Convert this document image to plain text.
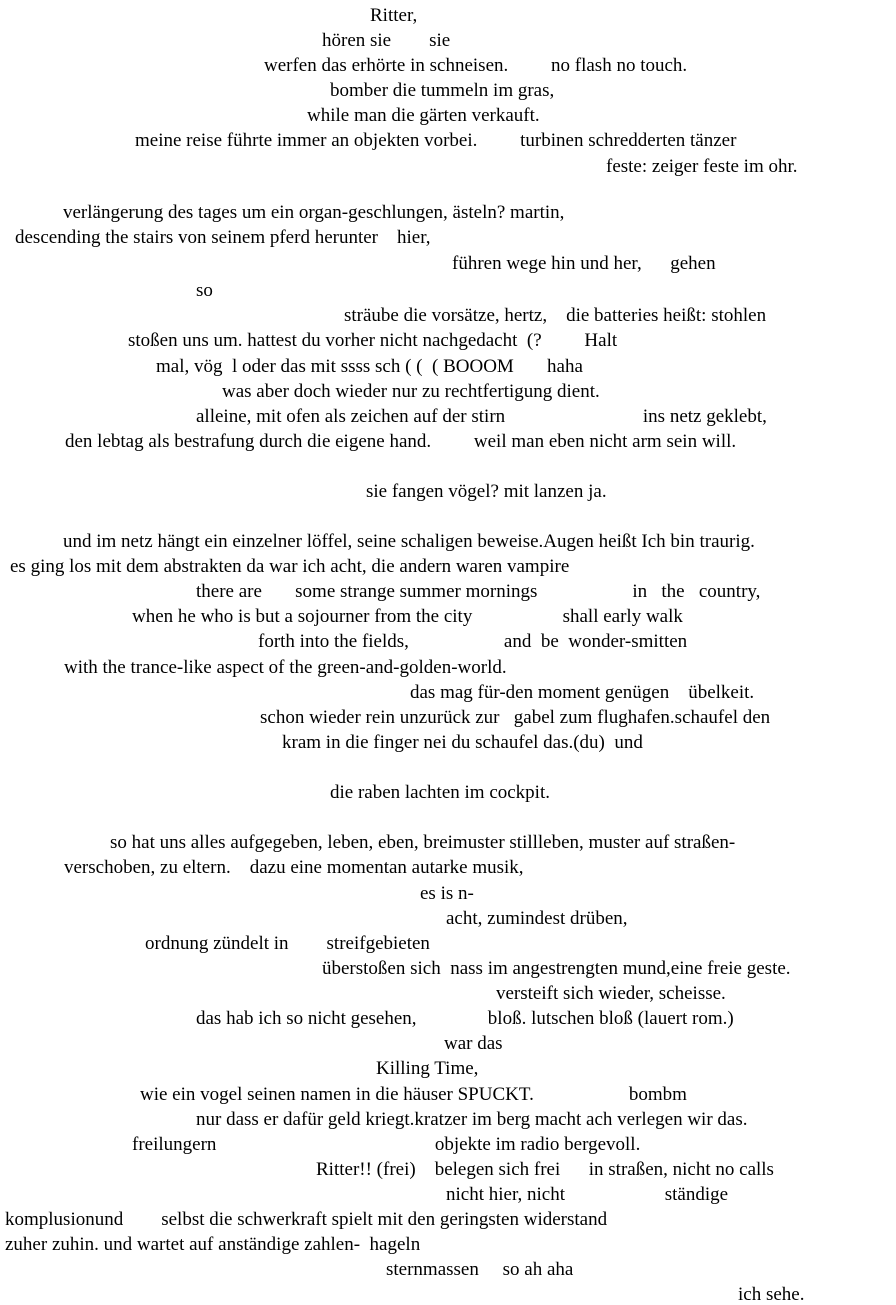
Ritter,
hören sie        sie
werfen das erhörte in schneisen.         no flash no touch.
bomber die tummeln im gras,
while man die gärten verkauft.
meine reise führte immer an objekten vorbei.         turbinen schredderten tänzer
feste: zeiger feste im ohr.
verlängerung des tages um ein organ-geschlungen, ästeln? martin,
descending the stairs von seinem pferd herunter    hier,
führen wege hin und her,      gehen
so
sträube die vorsätze, hertz,    die batteries heißt: stohlen
stoßen uns um. hattest du vorher nicht nachgedacht  (?         Halt
mal, vög  l oder das mit ssss sch ( (  ( BOOOM       haha
was aber doch wieder nur zu rechtfertigung dient.
alleine, mit ofen als zeichen auf der stirn                             ins netz geklebt,
den lebtag als bestrafung durch die eigene hand.         weil man eben nicht arm sein will.
sie fangen vögel? mit lanzen ja.
und im netz hängt ein einzelner löffel, seine schaligen beweise.Augen heißt Ich bin traurig.
es ging los mit dem abstrakten da war ich acht, die andern waren vampire
there are       some strange summer mornings                    in   the   country,
when he who is but a sojourner from the city                   shall early walk
forth into the fields,                    and  be  wonder-smitten
with the trance-like aspect of the green-and-golden-world.
das mag für-den moment genügen    übelkeit.
schon wieder rein unzurück zur   gabel zum flughafen.schaufel den
kram in die finger nei du schaufel das.(du)  und
die raben lachten im cockpit.
so hat uns alles aufgegeben, leben, eben, breimuster stillleben, muster auf straßen-
verschoben, zu eltern.    dazu eine momentan autarke musik,
es is n-
acht, zumindest drüben,
ordnung zündelt in        streifgebieten
überstoßen sich  nass im angestrengten mund,eine freie geste.
versteift sich wieder, scheisse.
das hab ich so nicht gesehen,               bloß. lutschen bloß (lauert rom.)
war das
Killing Time,
wie ein vogel seinen namen in die häuser SPUCKT.                    bombm
nur dass er dafür geld kriegt.kratzer im berg macht ach verlegen wir das.
freilungern                                              objekte im radio bergevoll.
Ritter!! (frei)    belegen sich frei      in straßen, nicht no calls
nicht hier, nicht                     ständige
komplusionund        selbst die schwerkraft spielt mit den geringsten widerstand
zuher zuhin. und wartet auf anständige zahlen-  hageln
sternmassen     so ah aha
ich sehe.
